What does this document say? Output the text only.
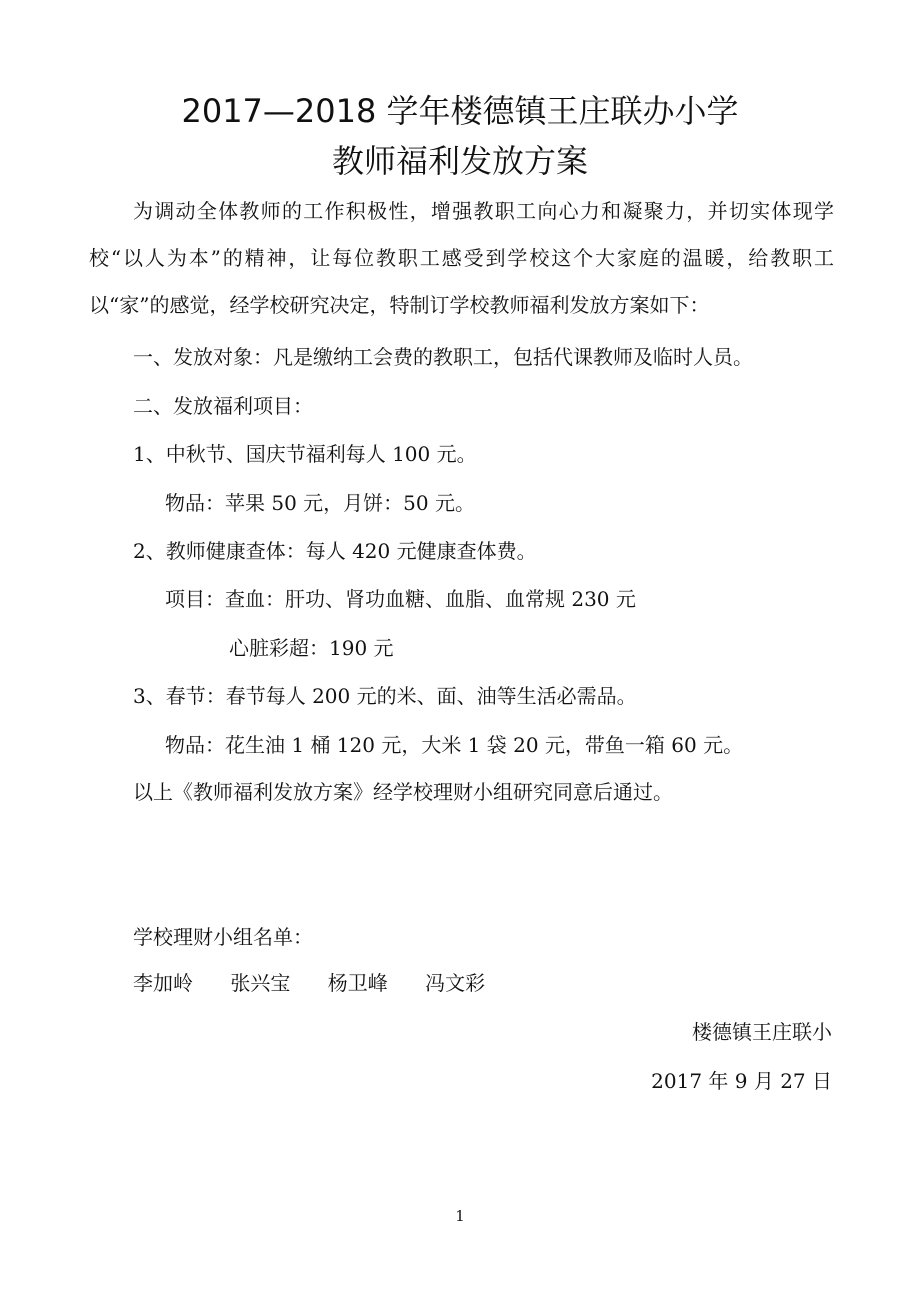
2017—2018 学年楼德镇王庄联办小学
教师福利发放方案
为调动全体教师的工作积极性，增强教职工向心力和凝聚力，并切实体现学校“以人为本”的精神，让每位教职工感受到学校这个大家庭的温暖，给教职工以“家”的感觉，经学校研究决定，特制订学校教师福利发放方案如下：
一、发放对象：凡是缴纳工会费的教职工，包括代课教师及临时人员。
二、发放福利项目：
1、中秋节、国庆节福利每人 100 元。
物品：苹果 50 元，月饼：50 元。
2、教师健康查体：每人 420 元健康查体费。
项目：查血：肝功、肾功血糖、血脂、血常规 230 元
心脏彩超：190 元
3、春节：春节每人 200 元的米、面、油等生活必需品。
物品：花生油 1 桶 120 元，大米 1 袋 20 元，带鱼一箱 60 元。
以上《教师福利发放方案》经学校理财小组研究同意后通过。
学校理财小组名单：
李加岭 张兴宝 杨卫峰 冯文彩
楼德镇王庄联小
2017 年 9 月 27 日
1
